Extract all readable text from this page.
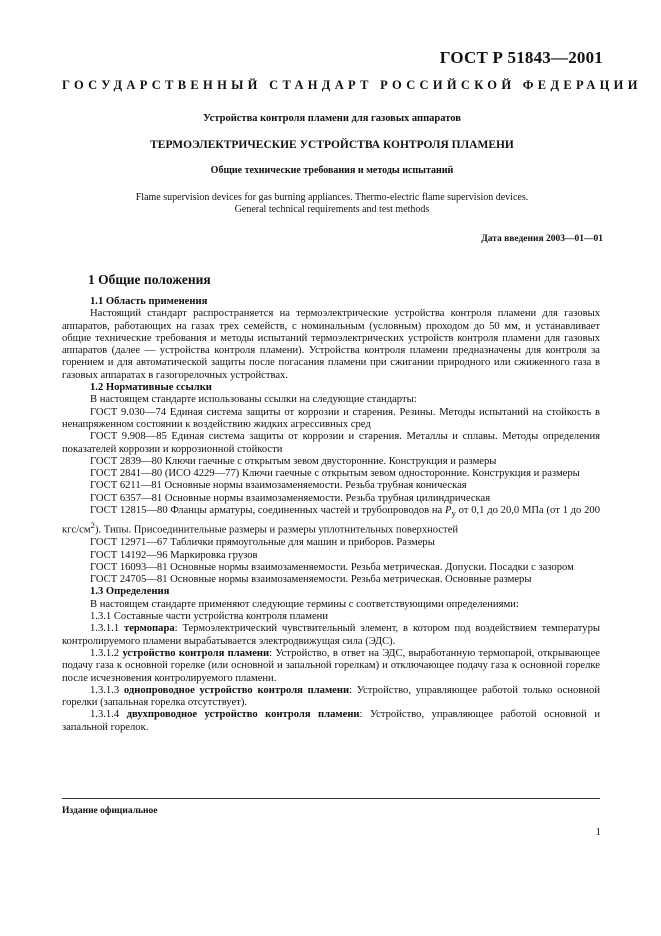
ГОСТ Р 51843—2001
ГОСУДАРСТВЕННЫЙ СТАНДАРТ РОССИЙСКОЙ ФЕДЕРАЦИИ
Устройства контроля пламени для газовых аппаратов
ТЕРМОЭЛЕКТРИЧЕСКИЕ УСТРОЙСТВА КОНТРОЛЯ ПЛАМЕНИ
Общие технические требования и методы испытаний
Flame supervision devices for gas burning appliances. Thermo-electric flame supervision devices.
General technical requirements and test methods
Дата введения 2003—01—01
1 Общие положения

1.1 Область применения

Настоящий стандарт распространяется на термоэлектрические устройства контроля пламени для газовых аппаратов, работающих на газах трех семейств, с номинальным (условным) проходом до 50 мм, и устанавливает общие технические требования и методы испытаний термоэлектрических устройств контроля пламени для газовых аппаратов (далее — устройства контроля пламени). Устройства контроля пламени предназначены для контроля за горением и для автоматической защиты после погасания пламени при сжигании природного или сжиженного газа в газовых аппаратах в газогорелочных устройствах.

1.2 Нормативные ссылки

В настоящем стандарте использованы ссылки на следующие стандарты:

ГОСТ 9.030—74 Единая система защиты от коррозии и старения. Резины. Методы испытаний на стойкость в ненапряженном состоянии к воздействию жидких агрессивных сред

ГОСТ 9.908—85 Единая система защиты от коррозии и старения. Металлы и сплавы. Методы определения показателей коррозии и коррозионной стойкости

ГОСТ 2839—80 Ключи гаечные с открытым зевом двусторонние. Конструкция и размеры

ГОСТ 2841—80 (ИСО 4229—77) Ключи гаечные с открытым зевом односторонние. Конструкция и размеры

ГОСТ 6211—81 Основные нормы взаимозаменяемости. Резьба трубная коническая

ГОСТ 6357—81 Основные нормы взаимозаменяемости. Резьба трубная цилиндрическая

ГОСТ 12815—80 Фланцы арматуры, соединенных частей и трубопроводов на $P_у$ от 0,1 до 20,0 МПа (от 1 до 200 кгс/$см^2$). Типы. Присоединительные размеры и размеры уплотнительных поверхностей

ГОСТ 12971—67 Таблички прямоугольные для машин и приборов. Размеры

ГОСТ 14192—96 Маркировка грузов

ГОСТ 16093—81 Основные нормы взаимозаменяемости. Резьба метрическая. Допуски. Посадки с зазором

ГОСТ 24705—81 Основные нормы взаимозаменяемости. Резьба метрическая. Основные размеры

1.3 Определения

В настоящем стандарте применяют следующие термины с соответствующими определениями:

1.3.1 Составные части устройства контроля пламени

1.3.1.1 термопара: Термоэлектрический чувствительный элемент, в котором под воздействием температуры контролируемого пламени вырабатывается электродвижущая сила (ЭДС).

1.3.1.2 устройство контроля пламени: Устройство, в ответ на ЭДС, выработанную термопарой, открывающее подачу газа к основной горелке (или основной и запальной горелкам) и отключающее подачу газа к основной горелке после исчезновения контролируемого пламени.

1.3.1.3 однопроводное устройство контроля пламени: Устройство, управляющее работой только основной горелки (запальная горелка отсутствует).

1.3.1.4 двухпроводное устройство контроля пламени: Устройство, управляющее работой основной и запальной горелок.

Издание официальное
1
